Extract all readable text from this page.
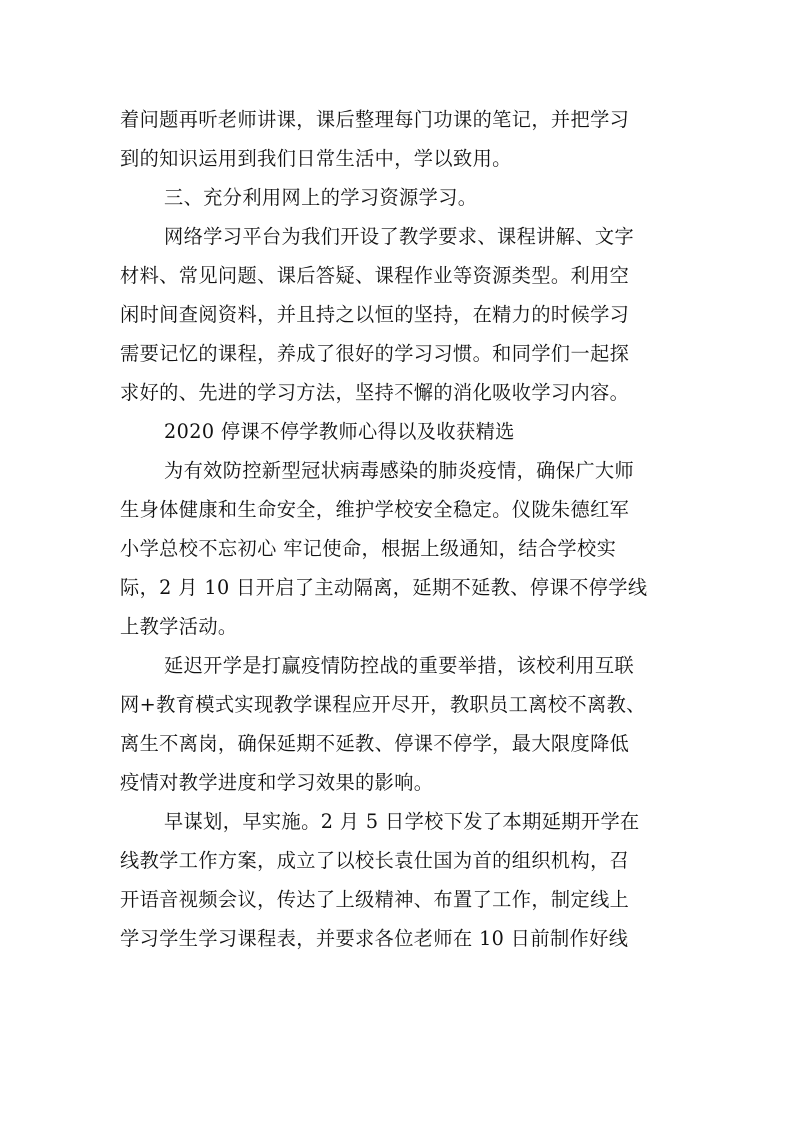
着问题再听老师讲课，课后整理每门功课的笔记，并把学习
到的知识运用到我们日常生活中，学以致用。
三、充分利用网上的学习资源学习。
网络学习平台为我们开设了教学要求、课程讲解、文字
材料、常见问题、课后答疑、课程作业等资源类型。利用空
闲时间查阅资料，并且持之以恒的坚持，在精力的时候学习
需要记忆的课程，养成了很好的学习习惯。和同学们一起探
求好的、先进的学习方法，坚持不懈的消化吸收学习内容。
2020 停课不停学教师心得以及收获精选
为有效防控新型冠状病毒感染的肺炎疫情，确保广大师
生身体健康和生命安全，维护学校安全稳定。仪陇朱德红军
小学总校不忘初心 牢记使命，根据上级通知，结合学校实
际，2 月 10 日开启了主动隔离，延期不延教、停课不停学线
上教学活动。
延迟开学是打赢疫情防控战的重要举措，该校利用互联
网+教育模式实现教学课程应开尽开，教职员工离校不离教、
离生不离岗，确保延期不延教、停课不停学，最大限度降低
疫情对教学进度和学习效果的影响。
早谋划，早实施。2 月 5 日学校下发了本期延期开学在
线教学工作方案，成立了以校长袁仕国为首的组织机构，召
开语音视频会议，传达了上级精神、布置了工作，制定线上
学习学生学习课程表，并要求各位老师在 10 日前制作好线
